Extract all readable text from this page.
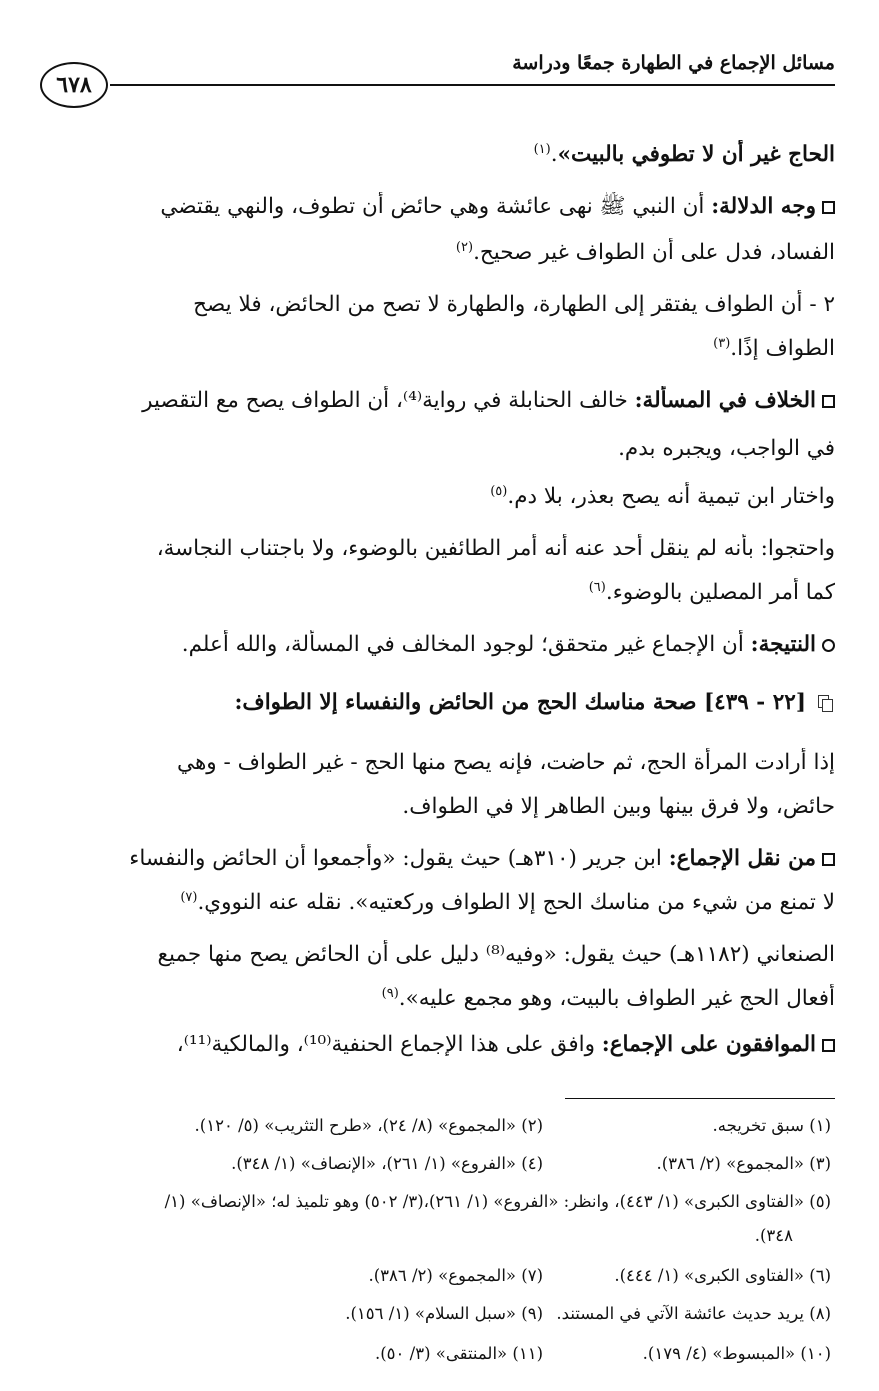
مسائل الإجماع في الطهارة جمعًا ودراسة
٦٧٨
الحاج غير أن لا تطوفي بالبيت».$^{(١)}$
وجه الدلالة: أن النبي ﷺ نهى عائشة وهي حائض أن تطوف، والنهي يقتضي
الفساد، فدل على أن الطواف غير صحيح.$^{(٢)}$
٢ - أن الطواف يفتقر إلى الطهارة، والطهارة لا تصح من الحائض، فلا يصح
الطواف إذًا.$^{(٣)}$
الخلاف في المسألة: خالف الحنابلة في رواية⁽⁴⁾، أن الطواف يصح مع التقصير
في الواجب، ويجبره بدم.
واختار ابن تيمية أنه يصح بعذر، بلا دم.$^{(٥)}$
واحتجوا: بأنه لم ينقل أحد عنه أنه أمر الطائفين بالوضوء، ولا باجتناب النجاسة،
كما أمر المصلين بالوضوء.$^{(٦)}$
النتيجة: أن الإجماع غير متحقق؛ لوجود المخالف في المسألة، والله أعلم.
[٢٢ - ٤٣٩] صحة مناسك الحج من الحائض والنفساء إلا الطواف:
إذا أرادت المرأة الحج، ثم حاضت، فإنه يصح منها الحج - غير الطواف - وهي
حائض، ولا فرق بينها وبين الطاهر إلا في الطواف.
من نقل الإجماع: ابن جرير (٣١٠هـ) حيث يقول: «وأجمعوا أن الحائض والنفساء
لا تمنع من شيء من مناسك الحج إلا الطواف وركعتيه». نقله عنه النووي.$^{(٧)}$
الصنعاني (١١٨٢هـ) حيث يقول: «وفيه⁽⁸⁾ دليل على أن الحائض يصح منها جميع
أفعال الحج غير الطواف بالبيت، وهو مجمع عليه».$^{(٩)}$
الموافقون على الإجماع: وافق على هذا الإجماع الحنفية⁽¹⁰⁾، والمالكية⁽¹¹⁾،
(١) سبق تخريجه.
(٢) «المجموع» (٨/ ٢٤)، «طرح التثريب» (٥/ ١٢٠).
(٣) «المجموع» (٢/ ٣٨٦).
(٤) «الفروع» (١/ ٢٦١)، «الإنصاف» (١/ ٣٤٨).
(٥) «الفتاوى الكبرى» (١/ ٤٤٣)، وانظر: «الفروع» (١/ ٢٦١)،(٣/ ٥٠٢) وهو تلميذ له؛ «الإنصاف» (١/
٣٤٨).
(٦) «الفتاوى الكبرى» (١/ ٤٤٤).
(٧) «المجموع» (٢/ ٣٨٦).
(٨) يريد حديث عائشة الآتي في المستند.
(٩) «سبل السلام» (١/ ١٥٦).
(١٠) «المبسوط» (٤/ ١٧٩).
(١١) «المنتقى» (٣/ ٥٠).
